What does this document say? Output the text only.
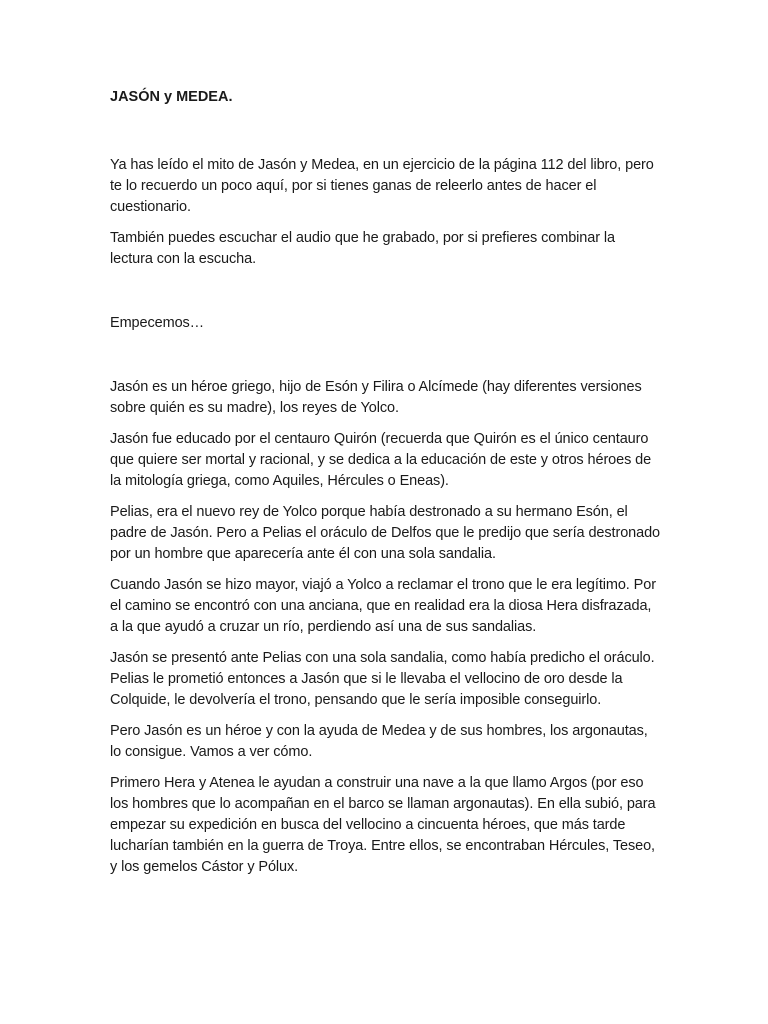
JASÓN y MEDEA.

Ya has leído el mito de Jasón y Medea, en un ejercicio de la página 112 del libro, pero te lo recuerdo un poco aquí, por si tienes ganas de releerlo antes de hacer el cuestionario.

También puedes escuchar el audio que he grabado, por si prefieres combinar la lectura con la escucha.

Empecemos…

Jasón es un héroe griego, hijo de Esón y Filira o Alcímede (hay diferentes versiones sobre quién es su madre), los reyes de Yolco.

Jasón fue educado por el centauro Quirón (recuerda que Quirón es el único centauro que quiere ser mortal y racional, y se dedica a la educación de este y otros héroes de la mitología griega, como Aquiles, Hércules o Eneas).

Pelias, era el nuevo rey de Yolco porque había destronado a su hermano Esón, el padre de Jasón. Pero a Pelias el oráculo de Delfos que le predijo que sería destronado por un hombre que aparecería ante él con una sola sandalia.

Cuando Jasón se hizo mayor, viajó a Yolco a reclamar el trono que le era legítimo. Por el camino se encontró con una anciana, que en realidad era la diosa Hera disfrazada, a la que ayudó a cruzar un río, perdiendo así una de sus sandalias.

Jasón se presentó ante Pelias con una sola sandalia, como había predicho el oráculo. Pelias le prometió entonces a Jasón que si le llevaba el vellocino de oro desde la Colquide, le devolvería el trono, pensando que le sería imposible conseguirlo.

Pero Jasón es un héroe y con la ayuda de Medea y de sus hombres, los argonautas, lo consigue. Vamos a ver cómo.

Primero Hera y Atenea le ayudan a construir una nave a la que llamo Argos (por eso los hombres que lo acompañan en el barco se llaman argonautas). En ella subió, para empezar su expedición en busca del vellocino a cincuenta héroes, que más tarde lucharían también en la guerra de Troya. Entre ellos, se encontraban Hércules, Teseo, y los gemelos Cástor y Pólux.
